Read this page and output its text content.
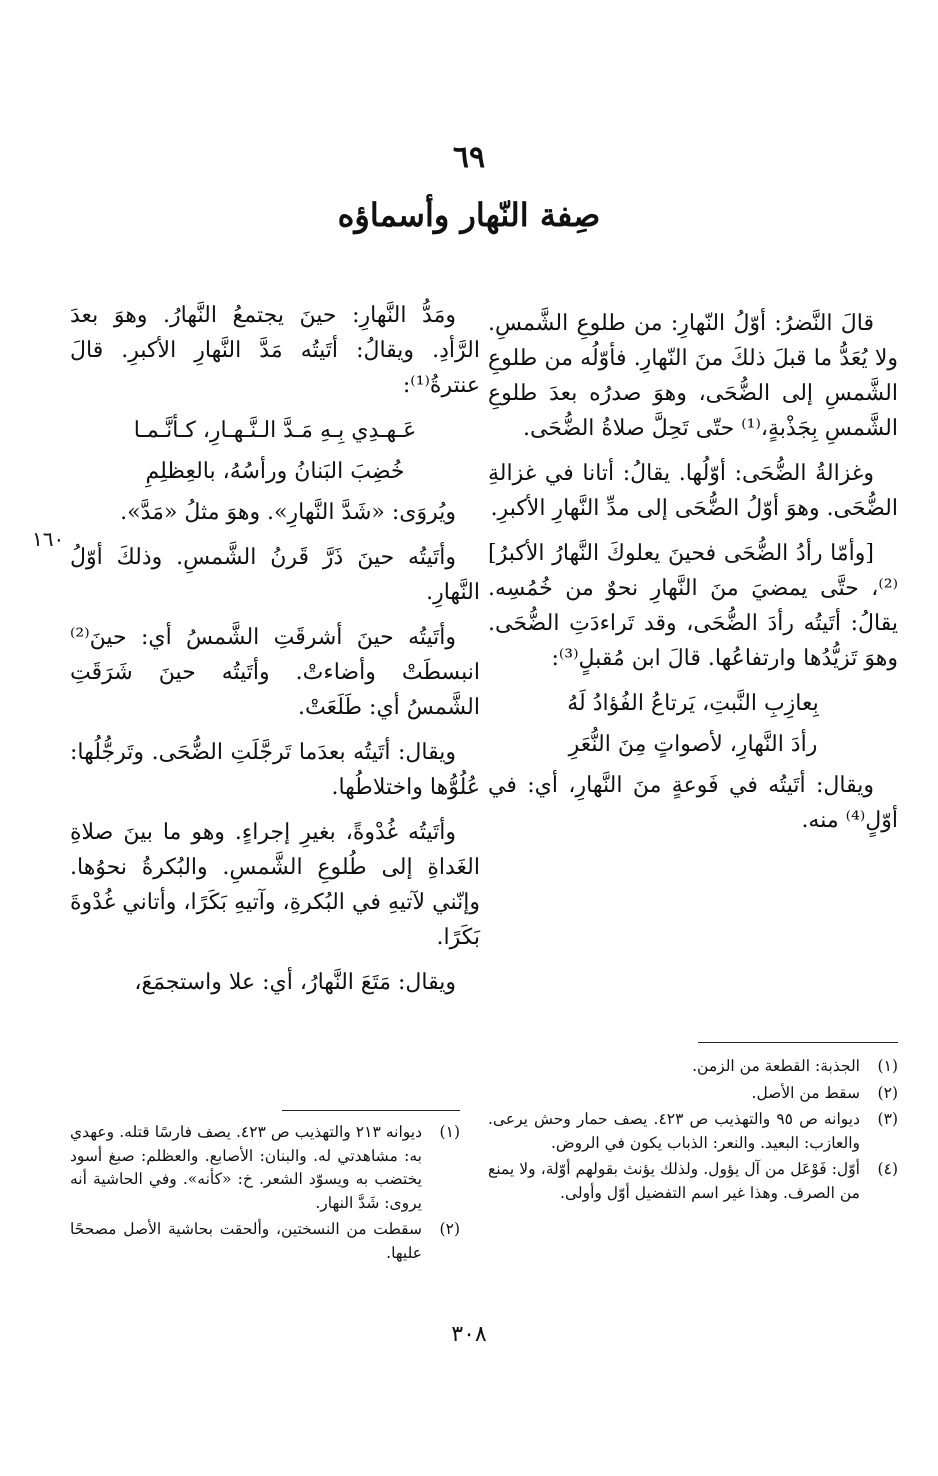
٦٩
صِفة النّهار وأسماؤه

قالَ النَّضرُ: أوّلُ النّهارِ: من طلوعِ الشَّمسِ. ولا يُعَدُّ ما قبلَ ذلكَ منَ النّهارِ. فأوّلُه من طلوعِ الشَّمسِ إلى الضُّحَى، وهوَ صدرُه بعدَ طلوعِ الشَّمسِ بِجَذْبةٍ،⁽¹⁾ حتّى تَحِلَّ صلاةُ الضُّحَى.

وغزالةُ الضُّحَى: أوّلُها. يقالُ: أتانا في غزالةِ الضُّحَى. وهوَ أوّلُ الضُّحَى إلى مدِّ النَّهارِ الأكبرِ.

[وأمّا رأدُ الضُّحَى فحينَ يعلوكَ النَّهارُ الأكبرُ]⁽²⁾، حتَّى يمضيَ منَ النَّهارِ نحوٌ من خُمُسِه. يقالُ: أتَيتُه رأدَ الضُّحَى، وقد تَراءدَتِ الضُّحَى. وهوَ تَزيُّدُها وارتفاعُها. قالَ ابن مُقبلٍ⁽³⁾:

بِعازِبِ النَّبتِ، يَرتاعُ الفُؤادُ لَهُ

رأدَ النَّهارِ، لأصواتٍ مِنَ النُّعَرِ

ويقال: أتَيتُه في فَوعةٍ منَ النَّهارِ، أي: في أوّلٍ⁽⁴⁾ منه.

ومَدُّ النَّهارِ: حينَ يجتمعُ النَّهارُ. وهوَ بعدَ الرَّأدِ. ويقالُ: أتَيتُه مَدَّ النَّهارِ الأكبرِ. قالَ عنترةُ⁽¹⁾:

عَـهـدِي بِـهِ مَـدَّ الـنَّـهـارِ، كـأنَّـمـا

خُضِبَ البَنانُ ورأسُهُ، بالعِظلِمِ

ويُروَى: «شَدَّ النَّهارِ». وهوَ مثلُ «مَدَّ».

وأتَيتُه حينَ ذَرَّ قَرنُ الشَّمسِ. وذلكَ أوّلُ النَّهارِ.

وأتَيتُه حينَ أشرقَتِ الشَّمسُ أي: حينَ⁽²⁾ انبسطَتْ وأضاءتْ. وأتَيتُه حينَ شَرَقَتِ الشَّمسُ أي: طَلَعَتْ.

ويقال: أتَيتُه بعدَما تَرجَّلَتِ الضُّحَى. وتَرجُّلُها: عُلُوُّها واختلاطُها.

وأتَيتُه غُدْوةً، بغيرِ إجراءٍ. وهو ما بينَ صلاةِ الغَداةِ إلى طُلوعِ الشَّمسِ. والبُكرةُ نحوُها. وإنّني لآتيهِ في البُكرةِ، وآتيهِ بَكَرًا، وأتاني غُدْوةَ بَكَرًا.

ويقال: مَتَعَ النَّهارُ، أي: علا واستجمَعَ،

١٦٠
(١)
الجذبة: القطعة من الزمن.
(٢)
سقط من الأصل.
(٣)
ديوانه ص ٩٥ والتهذيب ص ٤٢٣. يصف حمار وحش يرعى. والعازب: البعيد. والنعر: الذباب يكون في الروض.
(٤)
أوّل: فَوْعَل من آل يؤول. ولذلك يؤنث بقولهم أوّلة، ولا يمنع من الصرف. وهذا غير اسم التفضيل أوّل وأولى.
(١)
ديوانه ٢١٣ والتهذيب ص ٤٢٣. يصف فارسًا قتله. وعهدي به: مشاهدتي له. والبنان: الأصابع. والعظلم: صبغ أسود يختضب به ويسوّد الشعر. خ: «كأنه». وفي الحاشية أنه يروى: شَدَّ النهار.
(٢)
سقطت من النسختين، وألحقت بحاشية الأصل مصححًا عليها.
٣٠٨
